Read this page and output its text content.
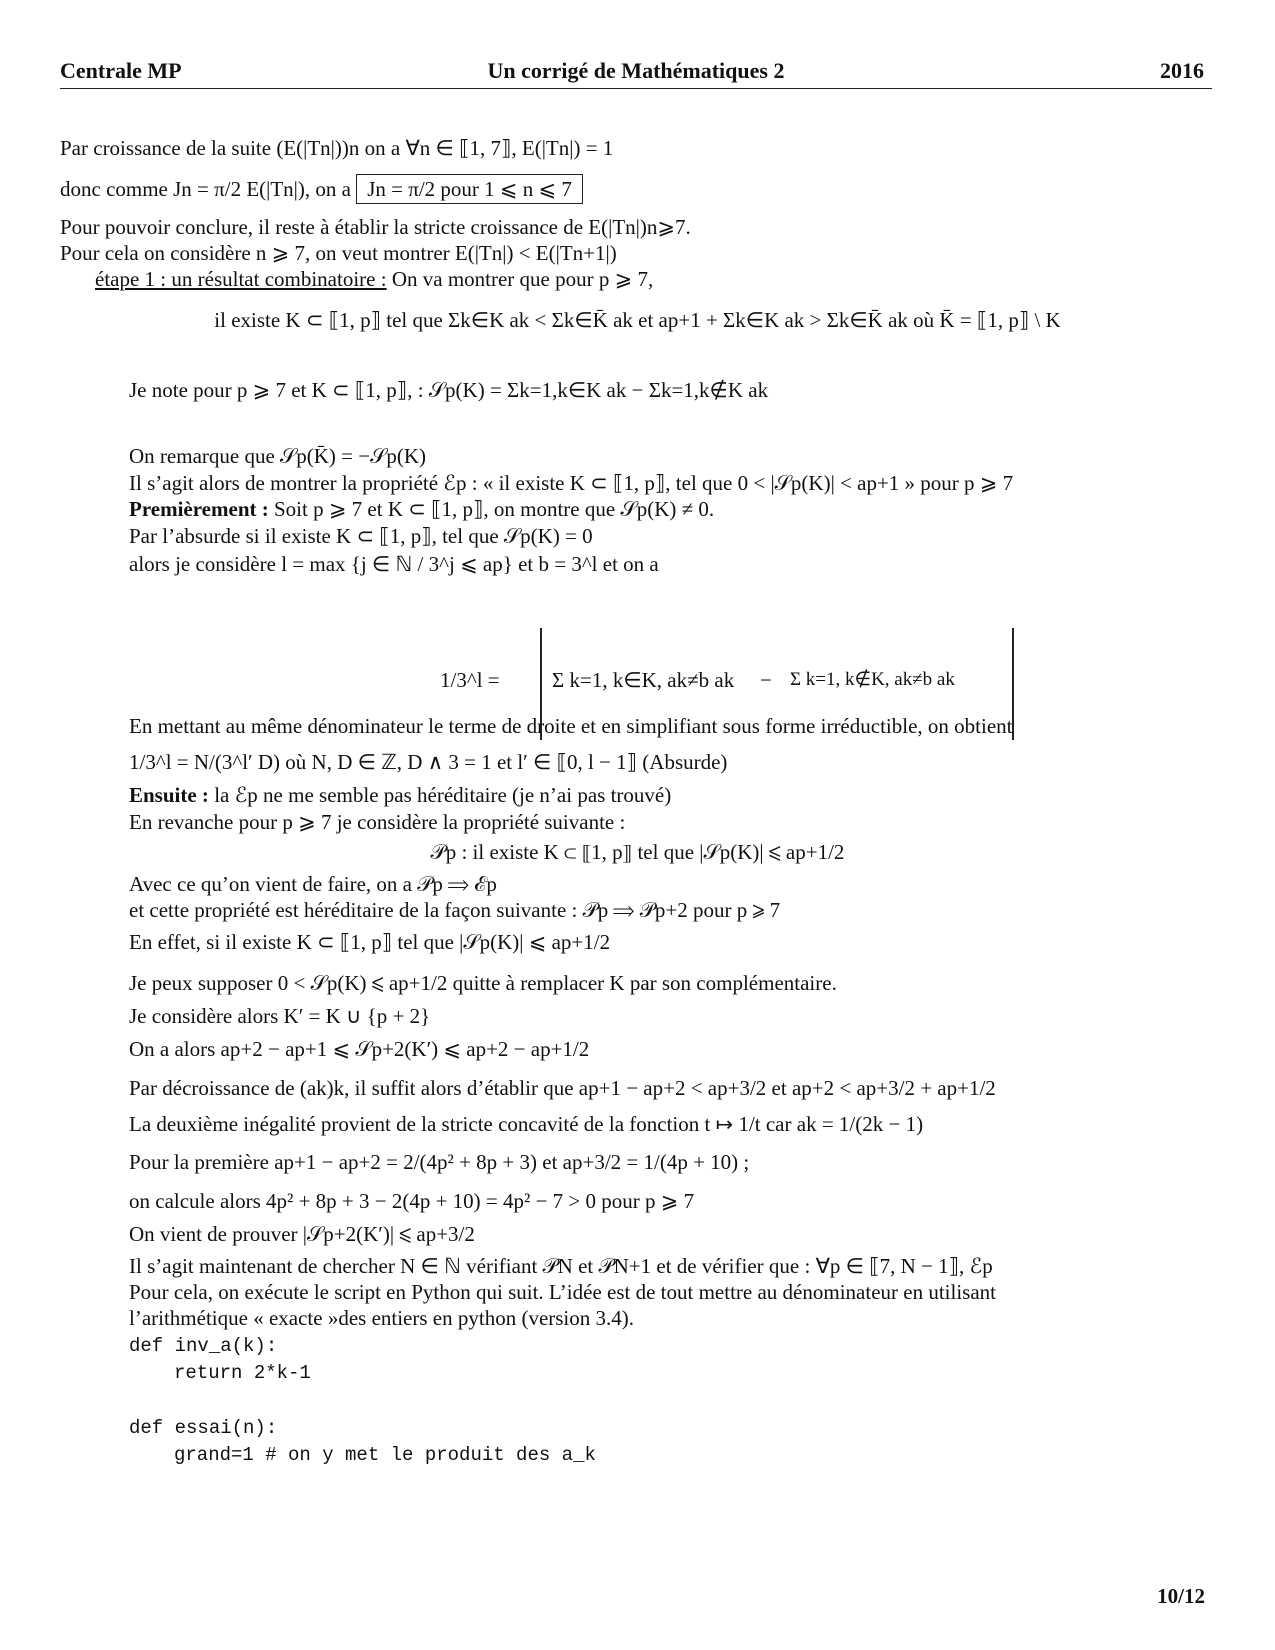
Centrale MP	Un corrigé de Mathématiques 2	2016
Par croissance de la suite (E(|Tn|))n on a ∀n ∈ ⟦1, 7⟧, E(|Tn|) = 1
donc comme Jn = π/2 E(|Tn|), on a Jn = π/2 pour 1 ⩽ n ⩽ 7
Pour pouvoir conclure, il reste à établir la stricte croissance de E(|Tn|)n⩾7.
Pour cela on considère n ⩾ 7, on veut montrer E(|Tn|) < E(|Tn+1|)
étape 1 : un résultat combinatoire : On va montrer que pour p ⩾ 7,
il existe K ⊂ ⟦1, p⟧ tel que Σk∈K ak < Σk∈K̄ ak et ap+1 + Σk∈K ak > Σk∈K̄ ak où K̄ = ⟦1, p⟧ \ K
Je note pour p ⩾ 7 et K ⊂ ⟦1, p⟧, : 𝒮p(K) = Σk=1,k∈K ak − Σk=1,k∉K ak
On remarque que 𝒮p(K̄) = −𝒮p(K)
Il s’agit alors de montrer la propriété ℰp : « il existe K ⊂ ⟦1, p⟧, tel que 0 < |𝒮p(K)| < ap+1 » pour p ⩾ 7
Premièrement : Soit p ⩾ 7 et K ⊂ ⟦1, p⟧, on montre que 𝒮p(K) ≠ 0.
Par l’absurde si il existe K ⊂ ⟦1, p⟧, tel que 𝒮p(K) = 0
alors je considère l = max {j ∈ ℕ / 3^j ⩽ ap} et b = 3^l et on a
1/3^l = Σ k=1, k∈K, ak≠b ak − Σ k=1, k∉K, ak≠b ak
En mettant au même dénominateur le terme de droite et en simplifiant sous forme irréductible, on obtient
1/3^l = N/(3^l′ D) où N, D ∈ ℤ, D ∧ 3 = 1 et l′ ∈ ⟦0, l − 1⟧ (Absurde)
Ensuite : la ℰp ne me semble pas héréditaire (je n’ai pas trouvé)
En revanche pour p ⩾ 7 je considère la propriété suivante :
𝒫p : il existe K ⊂ ⟦1, p⟧ tel que |𝒮p(K)| ⩽ ap+1/2
Avec ce qu’on vient de faire, on a 𝒫p ⟹ ℰp
et cette propriété est héréditaire de la façon suivante : 𝒫p ⟹ 𝒫p+2 pour p ⩾ 7
En effet, si il existe K ⊂ ⟦1, p⟧ tel que |𝒮p(K)| ⩽ ap+1/2
Je peux supposer 0 < 𝒮p(K) ⩽ ap+1/2 quitte à remplacer K par son complémentaire.
Je considère alors K′ = K ∪ {p + 2}
On a alors ap+2 − ap+1 ⩽ 𝒮p+2(K′) ⩽ ap+2 − ap+1/2
Par décroissance de (ak)k, il suffit alors d’établir que ap+1 − ap+2 < ap+3/2 et ap+2 < ap+3/2 + ap+1/2
La deuxième inégalité provient de la stricte concavité de la fonction t ↦ 1/t car ak = 1/(2k − 1)
Pour la première ap+1 − ap+2 = 2/(4p² + 8p + 3) et ap+3/2 = 1/(4p + 10) ;
on calcule alors 4p² + 8p + 3 − 2(4p + 10) = 4p² − 7 > 0 pour p ⩾ 7
On vient de prouver |𝒮p+2(K′)| ⩽ ap+3/2
Il s’agit maintenant de chercher N ∈ ℕ vérifiant 𝒫N et 𝒫N+1 et de vérifier que : ∀p ∈ ⟦7, N − 1⟧, ℰp
Pour cela, on exécute le script en Python qui suit. L’idée est de tout mettre au dénominateur en utilisant
l’arithmétique « exacte »des entiers en python (version 3.4).
def inv_a(k):
return 2*k-1
def essai(n):
grand=1 # on y met le produit des a_k
10/12
